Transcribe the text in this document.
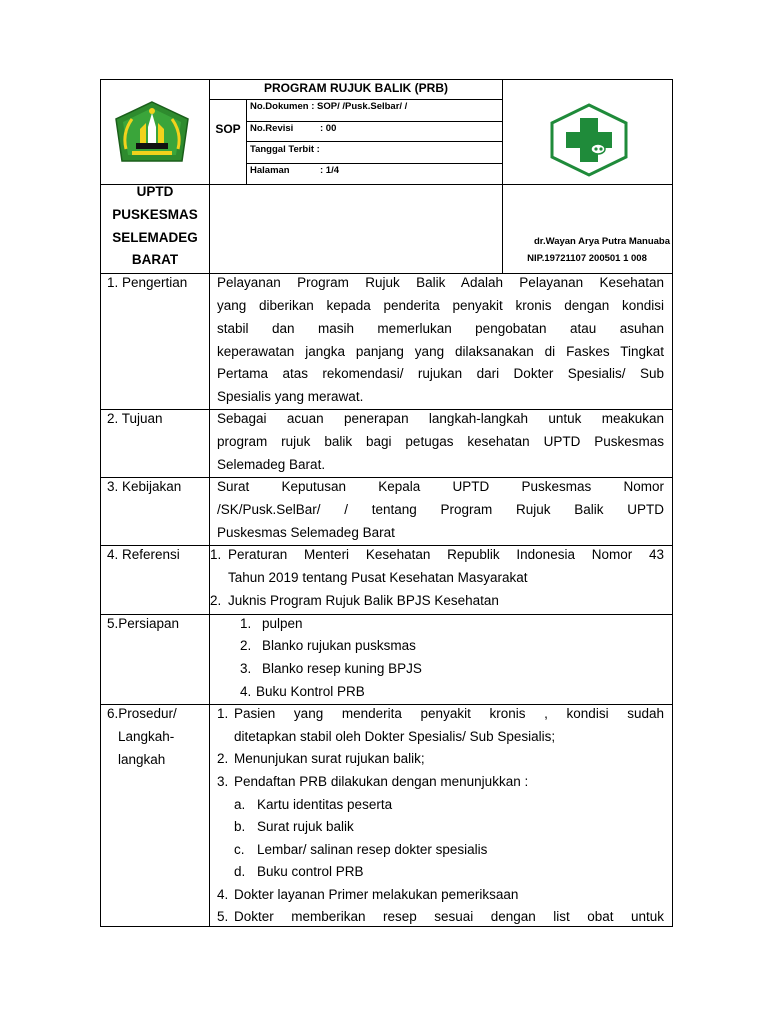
PROGRAM RUJUK BALIK (PRB)
SOP
No.Dokumen : SOP/ /Pusk.Selbar/ /
No.Revisi	: 00
Tanggal Terbit :
Halaman	: 1/4
UPTD
PUSKESMAS
SELEMADEG
BARAT
dr.Wayan Arya Putra Manuaba
NIP.19721107 200501 1 008
1. Pengertian Pelayanan Program Rujuk Balik Adalah Pelayanan Kesehatan
yang diberikan kepada penderita penyakit kronis dengan kondisi
stabil dan masih memerlukan pengobatan atau asuhan
keperawatan jangka panjang yang dilaksanakan di Faskes Tingkat
Pertama atas rekomendasi/ rujukan dari Dokter Spesialis/ Sub
Spesialis yang merawat.
2. Tujuan	Sebagai acuan penerapan langkah-langkah untuk meakukan
program rujuk balik bagi petugas kesehatan UPTD Puskesmas
Selemadeg Barat.
3. Kebijakan	Surat Keputusan Kepala UPTD Puskesmas Nomor
/SK/Pusk.SelBar/ / tentang Program Rujuk Balik UPTD
Puskesmas Selemadeg Barat
4. Referensi 1. Peraturan Menteri Kesehatan Republik Indonesia Nomor 43
Tahun 2019 tentang Pusat Kesehatan Masyarakat
2. Juknis Program Rujuk Balik BPJS Kesehatan
5.Persiapan	1. pulpen
2. Blanko rujukan pusksmas
3. Blanko resep kuning BPJS
4. Buku Kontrol PRB
6.Prosedur/
Langkah-
langkah
1. Pasien yang menderita penyakit kronis , kondisi sudah
ditetapkan stabil oleh Dokter Spesialis/ Sub Spesialis;
2. Menunjukan surat rujukan balik;
3. Pendaftan PRB dilakukan dengan menunjukkan :
a. Kartu identitas peserta
b. Surat rujuk balik
c. Lembar/ salinan resep dokter spesialis
d. Buku control PRB
4. Dokter layanan Primer melakukan pemeriksaan
5. Dokter memberikan resep sesuai dengan list obat untuk
